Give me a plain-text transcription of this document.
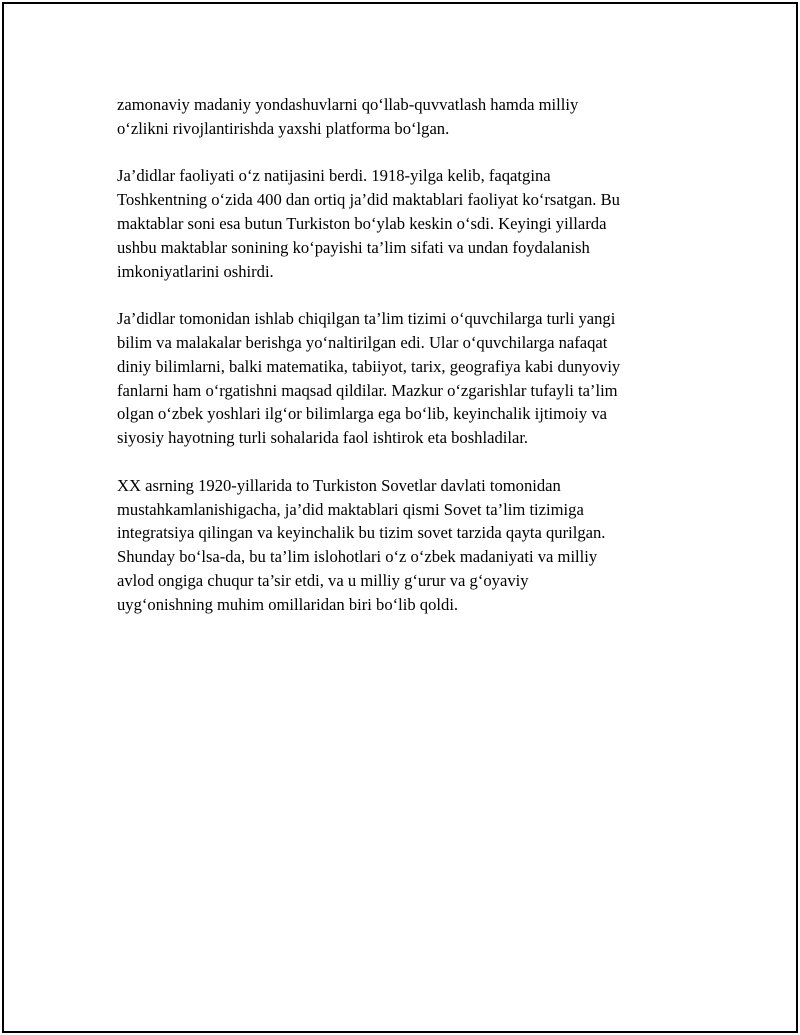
zamonaviy madaniy yondashuvlarni qo‘llab-quvvatlash hamda milliy
o‘zlikni rivojlantirishda yaxshi platforma bo‘lgan.

Ja’didlar faoliyati o‘z natijasini berdi. 1918-yilga kelib, faqatgina
Toshkentning o‘zida 400 dan ortiq ja’did maktablari faoliyat ko‘rsatgan. Bu
maktablar soni esa butun Turkiston bo‘ylab keskin o‘sdi. Keyingi yillarda
ushbu maktablar sonining ko‘payishi ta’lim sifati va undan foydalanish
imkoniyatlarini oshirdi.

Ja’didlar tomonidan ishlab chiqilgan ta’lim tizimi o‘quvchilarga turli yangi
bilim va malakalar berishga yo‘naltirilgan edi. Ular o‘quvchilarga nafaqat
diniy bilimlarni, balki matematika, tabiiyot, tarix, geografiya kabi dunyoviy
fanlarni ham o‘rgatishni maqsad qildilar. Mazkur o‘zgarishlar tufayli ta’lim
olgan o‘zbek yoshlari ilg‘or bilimlarga ega bo‘lib, keyinchalik ijtimoiy va
siyosiy hayotning turli sohalarida faol ishtirok eta boshladilar.

XX asrning 1920-yillarida to Turkiston Sovetlar davlati tomonidan
mustahkamlanishigacha, ja’did maktablari qismi Sovet ta’lim tizimiga
integratsiya qilingan va keyinchalik bu tizim sovet tarzida qayta qurilgan.
Shunday bo‘lsa-da, bu ta’lim islohotlari o‘z o‘zbek madaniyati va milliy
avlod ongiga chuqur ta’sir etdi, va u milliy g‘urur va g‘oyaviy
uyg‘onishning muhim omillaridan biri bo‘lib qoldi.
